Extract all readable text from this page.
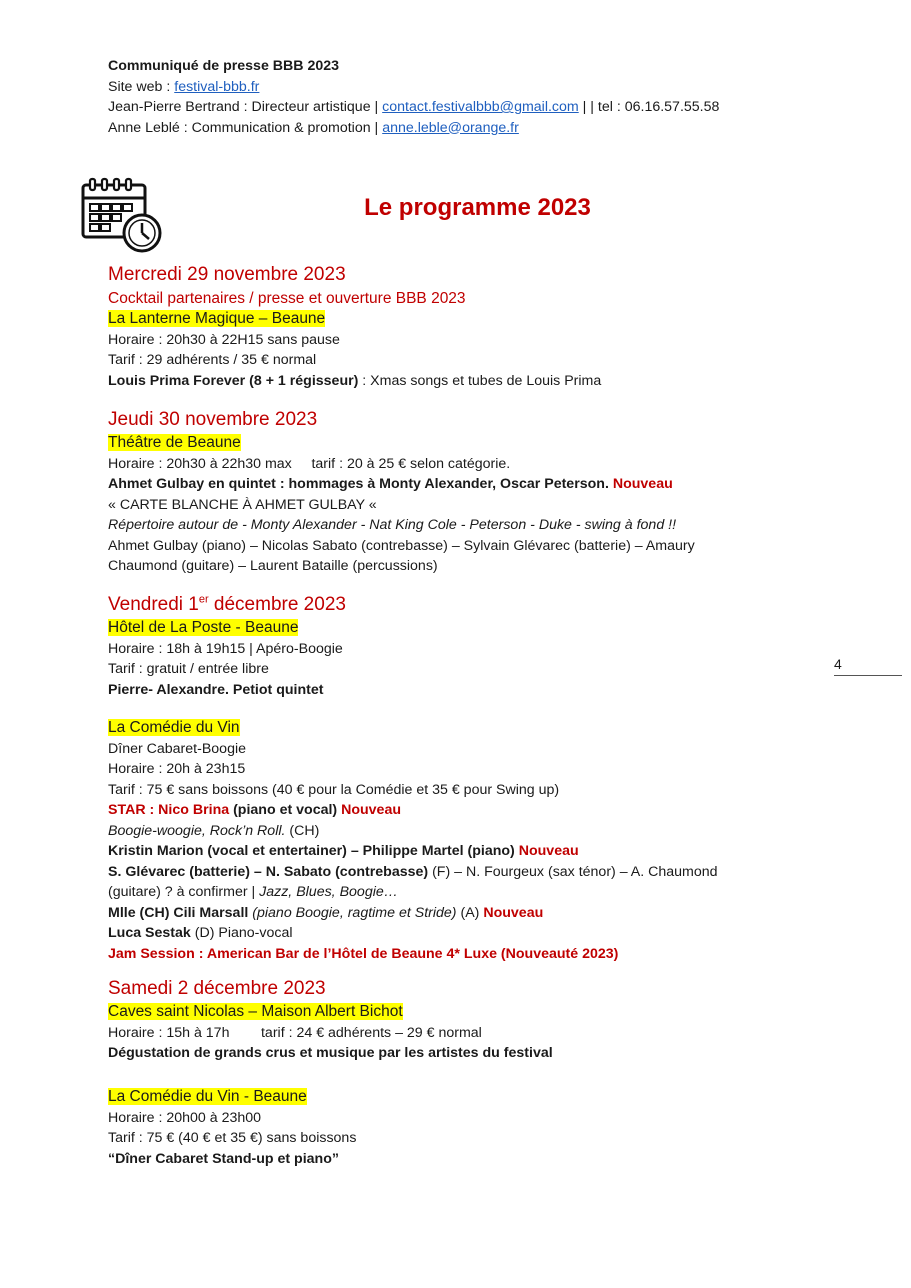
Communiqué de presse BBB 2023
Site web : festival-bbb.fr
Jean-Pierre Bertrand : Directeur artistique | contact.festivalbbb@gmail.com | | tel : 06.16.57.55.58
Anne Leblé : Communication & promotion | anne.leble@orange.fr
Le programme 2023
Mercredi 29 novembre 2023
Cocktail partenaires / presse et ouverture BBB 2023
La Lanterne Magique – Beaune
Horaire : 20h30 à 22H15 sans pause
Tarif : 29 adhérents / 35 € normal
Louis Prima Forever (8 + 1 régisseur) : Xmas songs et tubes de Louis Prima
Jeudi 30 novembre 2023
Théâtre de Beaune
Horaire : 20h30 à 22h30 max     tarif : 20 à 25 € selon catégorie.
Ahmet Gulbay en quintet : hommages à Monty Alexander, Oscar Peterson. Nouveau
« CARTE BLANCHE À AHMET GULBAY «
Répertoire autour de - Monty Alexander - Nat King Cole - Peterson - Duke - swing à fond !!
Ahmet Gulbay (piano) – Nicolas Sabato (contrebasse) – Sylvain Glévarec (batterie) – Amaury
Chaumond (guitare) – Laurent Bataille (percussions)
Vendredi 1er décembre 2023
Hôtel de La Poste - Beaune
Horaire : 18h à 19h15 | Apéro-Boogie
Tarif : gratuit / entrée libre
Pierre- Alexandre. Petiot quintet
La Comédie du Vin
Dîner Cabaret-Boogie
Horaire : 20h à 23h15
Tarif : 75 € sans boissons (40 € pour la Comédie et 35 € pour Swing up)
STAR : Nico Brina (piano et vocal) Nouveau
Boogie-woogie, Rock’n Roll. (CH)
Kristin Marion (vocal et entertainer) – Philippe Martel (piano) Nouveau
S. Glévarec (batterie) – N. Sabato (contrebasse) (F) – N. Fourgeux (sax ténor) – A. Chaumond
(guitare) ? à confirmer | Jazz, Blues, Boogie…
Mlle (CH) Cili Marsall (piano Boogie, ragtime et Stride) (A) Nouveau
Luca Sestak (D) Piano-vocal
Jam Session : American Bar de l’Hôtel de Beaune 4* Luxe (Nouveauté 2023)
Samedi 2 décembre 2023
Caves saint Nicolas – Maison Albert Bichot
Horaire : 15h à 17h        tarif : 24 € adhérents – 29 € normal
Dégustation de grands crus et musique par les artistes du festival
La Comédie du Vin - Beaune
Horaire : 20h00 à 23h00
Tarif : 75 € (40 € et 35 €) sans boissons
“Dîner Cabaret Stand-up et piano”
4
